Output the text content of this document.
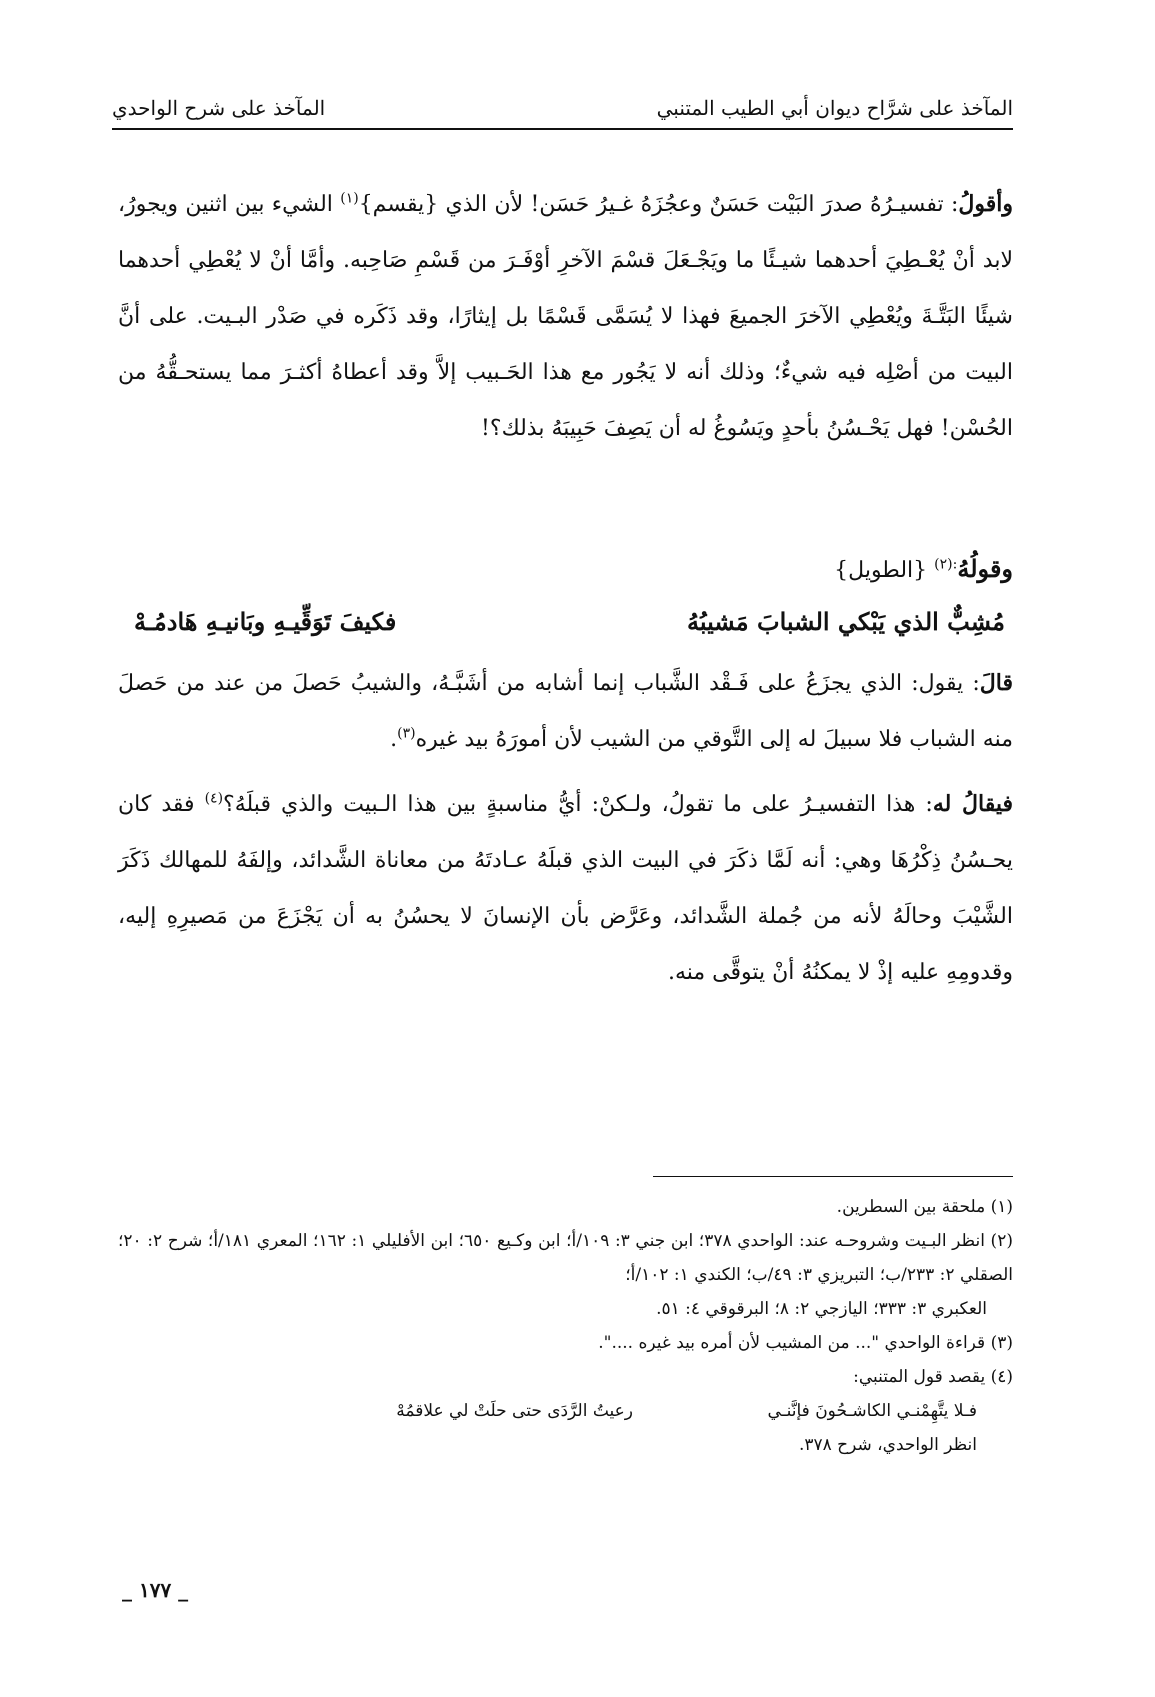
المآخذ على شرَّاح ديوان أبي الطيب المتنبي
المآخذ على شرح الواحدي

وأقولُ: تفسيـرُهُ صدرَ البَيْت حَسَنٌ وعجُزَهُ غـيرُ حَسَن! لأن الذي {يقسم}$^{(١)}$ الشيء بين اثنين ويجورُ، لابد أنْ يُعْـطِيَ أحدهما شيـئًا ما ويَجْـعَلَ قسْمَ الآخرِ أوْفَـرَ من قَسْمِ صَاحِبه. وأمَّا أنْ لا يُعْطِي أحدهما شيئًا البَتَّـةَ ويُعْطِي الآخرَ الجميعَ فهذا لا يُسَمَّى قَسْمًا بل إيثارًا، وقد ذَكَره في صَدْر البـيت. على أنَّ البيت من أصْلِه فيه شيءٌ؛ وذلك أنه لا يَجُور مع هذا الحَـبيب إلاَّ وقد أعطاهُ أكثـرَ مما يستحـقُّهُ من الحُسْن! فهل يَحْـسُنُ بأحدٍ ويَسُوغُ له أن يَصِفَ حَبِيبَهُ بذلك؟!

وقولُهُ$^{:(٢)}$ {الطويل}
مُشِبٌّ الذي يَبْكي الشبابَ مَشيبُهُ
فكيفَ تَوَقِّيـهِ وبَانيـهِ هَادمُـهْ

قالَ: يقول: الذي يجزَعُ على فَـقْد الشَّباب إنما أشابه من أشَبَّـهُ، والشيبُ حَصلَ من عند من حَصلَ منه الشباب فلا سبيلَ له إلى التَّوقي من الشيب لأن أمورَهُ بيد غيره$^{(٣)}$.

فيقالُ له: هذا التفسيـرُ على ما تقولُ، ولـكنْ: أيُّ مناسبةٍ بين هذا الـبيت والذي قبلَهُ؟$^{(٤)}$ فقد كان يحـسُنُ ذِكْرُهَا وهي: أنه لَمَّا ذكَرَ في البيت الذي قبلَهُ عـادتَهُ من معاناة الشَّدائد، وإلفَهُ للمهالك ذَكَرَ الشَّيْبَ وحالَهُ لأنه من جُملة الشَّدائد، وعَرَّض بأن الإنسانَ لا يحسُنُ به أن يَجْزَعَ من مَصيرِهِ إليه، وقدومِهِ عليه إذْ لا يمكنُهُ أنْ يتوقَّى منه.

(١) ملحقة بين السطرين.

(٢) انظر البـيت وشروحـه عند: الواحدي ٣٧٨؛ ابن جني ٣: ١٠٩/أ؛ ابن وكـيع ٦٥٠؛ ابن الأفليلي ١: ١٦٢؛ المعري ١٨١/أ؛ شرح ٢: ٢٠؛ الصقلي ٢: ٢٣٣/ب؛ التبريزي ٣: ٤٩/ب؛ الكندي ١: ١٠٢/أ؛

العكبري ٣: ٣٣٣؛ اليازجي ٢: ٨؛ البرقوقي ٤: ٥١.

(٣) قراءة الواحدي "... من المشيب لأن أمره بيد غيره ....".

(٤) يقصد قول المتنبي:

فـلا يتَّهِمْنـي الكاشـحُونَ فإنَّنـي
رعيتُ الرَّدَى حتى حلَتْ لي علاقمُهْ

انظر الواحدي، شرح ٣٧٨.

_ ١٧٧ _
